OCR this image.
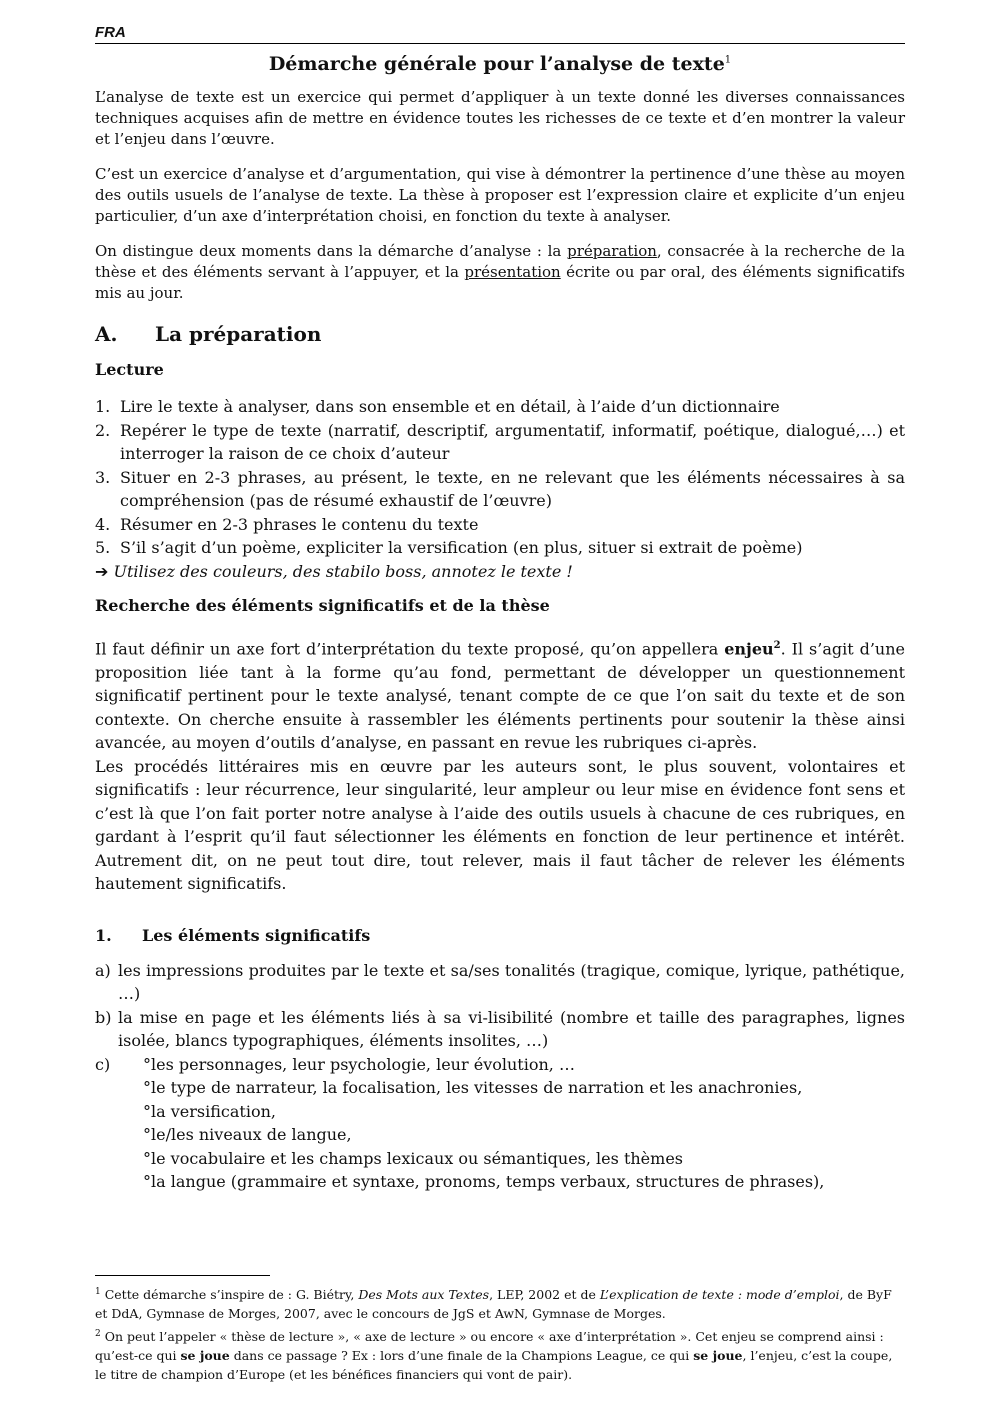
FRA
Démarche générale pour l’analyse de texte$^1$

L’analyse de texte est un exercice qui permet d’appliquer à un texte donné les diverses connaissances techniques acquises afin de mettre en évidence toutes les richesses de ce texte et d’en montrer la valeur et l’enjeu dans l’œuvre.

C’est un exercice d’analyse et d’argumentation, qui vise à démontrer la pertinence d’une thèse au moyen des outils usuels de l’analyse de texte. La thèse à proposer est l’expression claire et explicite d’un enjeu particulier, d’un axe d’interprétation choisi, en fonction du texte à analyser.

On distingue deux moments dans la démarche d’analyse : la préparation, consacrée à la recherche de la thèse et des éléments servant à l’appuyer, et la présentation écrite ou par oral, des éléments significatifs mis au jour.

A. La préparation
Lecture
1. Lire le texte à analyser, dans son ensemble et en détail, à l’aide d’un dictionnaire
2. Repérer le type de texte (narratif, descriptif, argumentatif, informatif, poétique, dialogué,…) et interroger la raison de ce choix d’auteur
3. Situer en 2-3 phrases, au présent, le texte, en ne relevant que les éléments nécessaires à sa compréhension (pas de résumé exhaustif de l’œuvre)
4. Résumer en 2-3 phrases le contenu du texte
5. S’il s’agit d’un poème, expliciter la versification (en plus, situer si extrait de poème)
➔ Utilisez des couleurs, des stabilo boss, annotez le texte !
Recherche des éléments significatifs et de la thèse

Il faut définir un axe fort d’interprétation du texte proposé, qu’on appellera enjeu$^2$. Il s’agit d’une proposition liée tant à la forme qu’au fond, permettant de développer un questionnement significatif pertinent pour le texte analysé, tenant compte de ce que l’on sait du texte et de son contexte. On cherche ensuite à rassembler les éléments pertinents pour soutenir la thèse ainsi avancée, au moyen d’outils d’analyse, en passant en revue les rubriques ci-après.

Les procédés littéraires mis en œuvre par les auteurs sont, le plus souvent, volontaires et significatifs : leur récurrence, leur singularité, leur ampleur ou leur mise en évidence font sens et c’est là que l’on fait porter notre analyse à l’aide des outils usuels à chacune de ces rubriques, en gardant à l’esprit qu’il faut sélectionner les éléments en fonction de leur pertinence et intérêt. Autrement dit, on ne peut tout dire, tout relever, mais il faut tâcher de relever les éléments hautement significatifs.

1. Les éléments significatifs
a) les impressions produites par le texte et sa/ses tonalités (tragique, comique, lyrique, pathétique, …)
b) la mise en page et les éléments liés à sa vi-lisibilité (nombre et taille des paragraphes, lignes isolée, blancs typographiques, éléments insolites, …)
c)	°les personnages, leur psychologie, leur évolution, …
°le type de narrateur, la focalisation, les vitesses de narration et les anachronies,
°la versification,
°le/les niveaux de langue,
°le vocabulaire et les champs lexicaux ou sémantiques, les thèmes
°la langue (grammaire et syntaxe, pronoms, temps verbaux, structures de phrases),

$^1$ Cette démarche s’inspire de : G. Biétry, Des Mots aux Textes, LEP, 2002 et de L’explication de texte : mode d’emploi, de ByF et DdA, Gymnase de Morges, 2007, avec le concours de JgS et AwN, Gymnase de Morges.

$^2$ On peut l’appeler « thèse de lecture », « axe de lecture » ou encore « axe d’interprétation ». Cet enjeu se comprend ainsi : qu’est-ce qui se joue dans ce passage ? Ex : lors d’une finale de la Champions League, ce qui se joue, l’enjeu, c’est la coupe, le titre de champion d’Europe (et les bénéfices financiers qui vont de pair).
